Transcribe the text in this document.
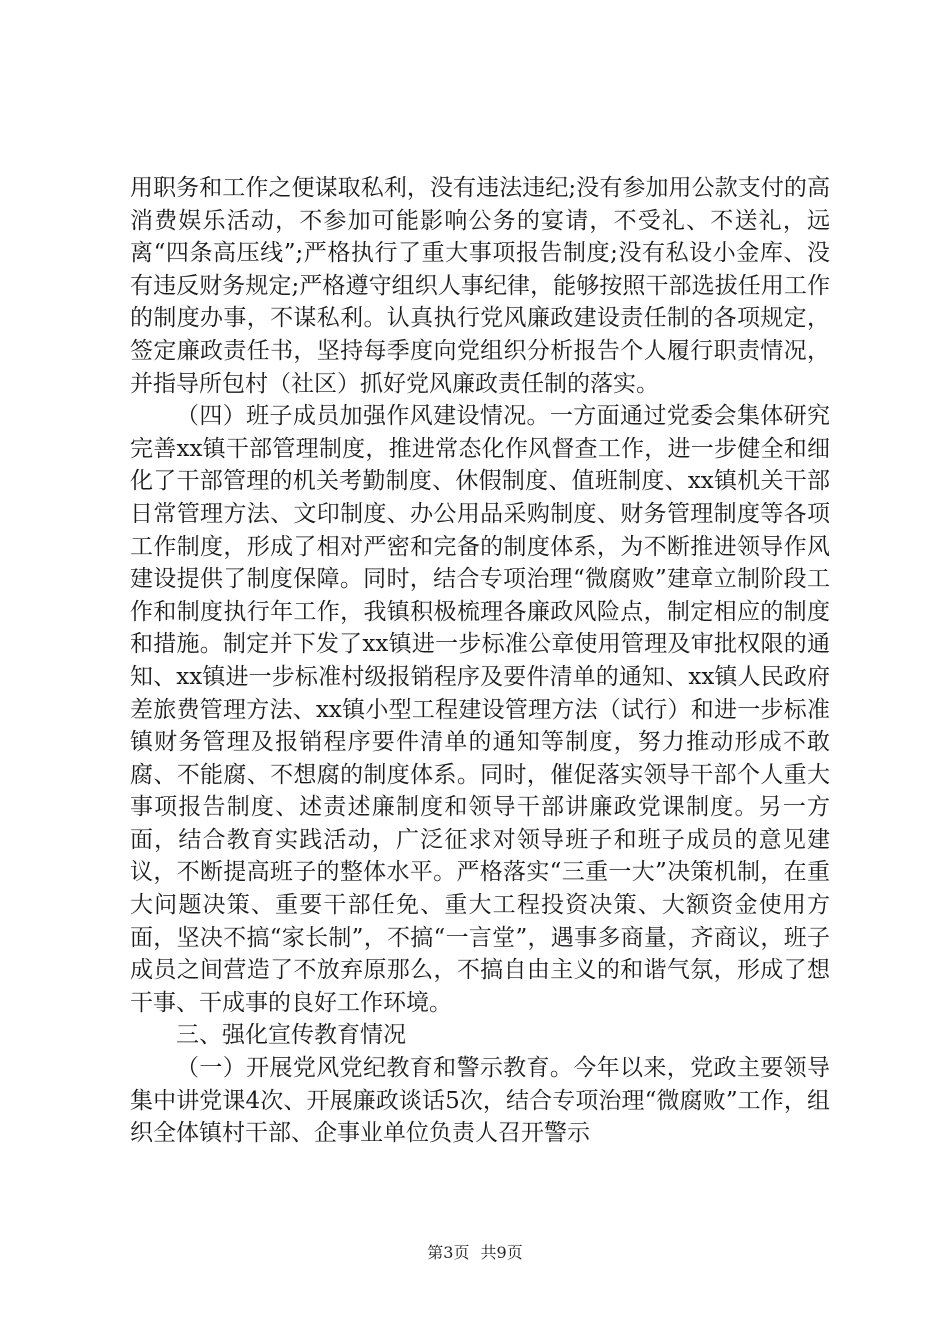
用职务和工作之便谋取私利，没有违法违纪;没有参加用公款支付的高消费娱乐活动，不参加可能影响公务的宴请，不受礼、不送礼，远离“四条高压线”;严格执行了重大事项报告制度;没有私设小金库、没有违反财务规定;严格遵守组织人事纪律，能够按照干部选拔任用工作的制度办事，不谋私利。认真执行党风廉政建设责任制的各项规定，签定廉政责任书，坚持每季度向党组织分析报告个人履行职责情况，并指导所包村（社区）抓好党风廉政责任制的落实。

（四）班子成员加强作风建设情况。一方面通过党委会集体研究完善xx镇干部管理制度，推进常态化作风督查工作，进一步健全和细化了干部管理的机关考勤制度、休假制度、值班制度、xx镇机关干部日常管理方法、文印制度、办公用品采购制度、财务管理制度等各项工作制度，形成了相对严密和完备的制度体系，为不断推进领导作风建设提供了制度保障。同时，结合专项治理“微腐败”建章立制阶段工作和制度执行年工作，我镇积极梳理各廉政风险点，制定相应的制度和措施。制定并下发了xx镇进一步标准公章使用管理及审批权限的通知、xx镇进一步标准村级报销程序及要件清单的通知、xx镇人民政府差旅费管理方法、xx镇小型工程建设管理方法（试行）和进一步标准镇财务管理及报销程序要件清单的通知等制度，努力推动形成不敢腐、不能腐、不想腐的制度体系。同时，催促落实领导干部个人重大事项报告制度、述责述廉制度和领导干部讲廉政党课制度。另一方面，结合教育实践活动，广泛征求对领导班子和班子成员的意见建议，不断提高班子的整体水平。严格落实“三重一大”决策机制，在重大问题决策、重要干部任免、重大工程投资决策、大额资金使用方面，坚决不搞“家长制”，不搞“一言堂”，遇事多商量，齐商议，班子成员之间营造了不放弃原那么，不搞自由主义的和谐气氛，形成了想干事、干成事的良好工作环境。

三、强化宣传教育情况

（一）开展党风党纪教育和警示教育。今年以来，党政主要领导集中讲党课4次、开展廉政谈话5次，结合专项治理“微腐败”工作，组织全体镇村干部、企事业单位负责人召开警示

第3页 共9页
